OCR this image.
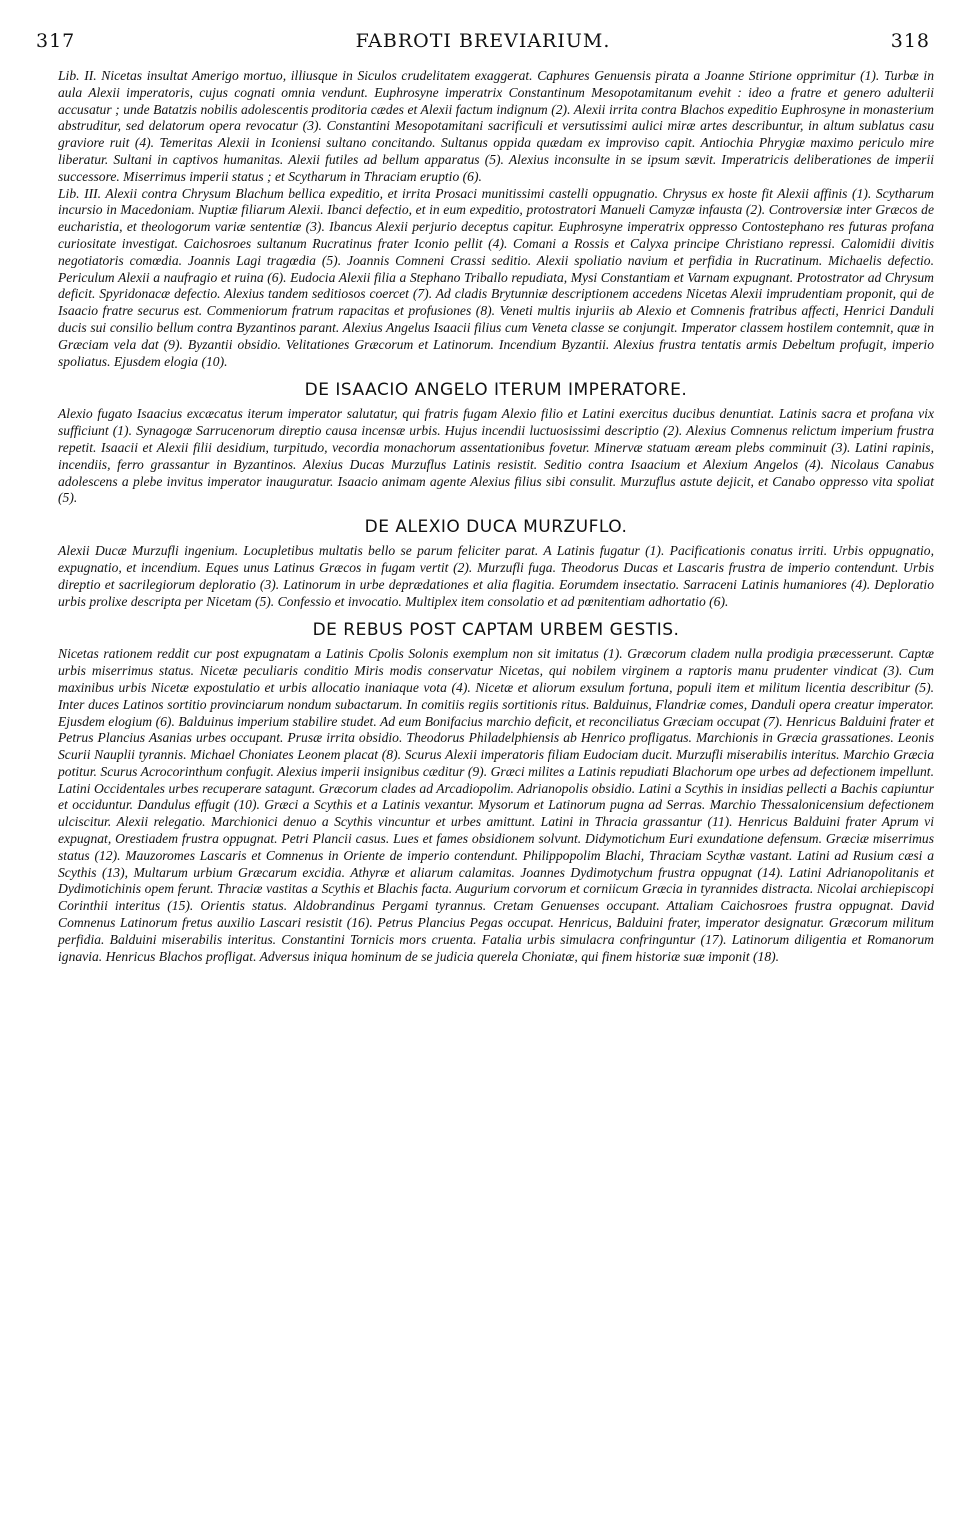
317	FABROTI BREVIARIUM.	318

Lib. II. Nicetas insultat Amerigo mortuo, illiusque in Siculos crudelitatem exaggerat. Caphures Genuensis pirata a Joanne Stirione opprimitur (1). Turbæ in aula Alexii imperatoris, cujus cognati omnia vendunt. Euphrosyne imperatrix Constantinum Mesopotamitanum evehit : ideo a fratre et genero adulterii accusatur ; unde Batatzis nobilis adolescentis proditoria cædes et Alexii factum indignum (2). Alexii irrita contra Blachos expeditio Euphrosyne in monasterium abstruditur, sed delatorum opera revocatur (3). Constantini Mesopotamitani sacrificuli et versutissimi aulici miræ artes describuntur, in altum sublatus casu graviore ruit (4). Temeritas Alexii in Iconiensi sultano concitando. Sultanus oppida quædam ex improviso capit. Antiochia Phrygiæ maximo periculo mire liberatur. Sultani in captivos humanitas. Alexii futiles ad bellum apparatus (5). Alexius inconsulte in se ipsum sævit. Imperatricis deliberationes de imperii successore. Miserrimus imperii status ; et Scytharum in Thraciam eruptio (6).

Lib. III. Alexii contra Chrysum Blachum bellica expeditio, et irrita Prosaci munitissimi castelli oppugnatio. Chrysus ex hoste fit Alexii affinis (1). Scytharum incursio in Macedoniam. Nuptiæ filiarum Alexii. Ibanci defectio, et in eum expeditio, protostratori Manueli Camyzæ infausta (2). Controversiæ inter Græcos de eucharistia, et theologorum variæ sententiæ (3). Ibancus Alexii perjurio deceptus capitur. Euphrosyne imperatrix oppresso Contostephano res futuras profana curiositate investigat. Caichosroes sultanum Rucratinus frater Iconio pellit (4). Comani a Rossis et Calyxa principe Christiano repressi. Calomidii divitis negotiatoris comœdia. Joannis Lagi tragœdia (5). Joannis Comneni Crassi seditio. Alexii spoliatio navium et perfidia in Rucratinum. Michaelis defectio. Periculum Alexii a naufragio et ruina (6). Eudocia Alexii filia a Stephano Triballo repudiata, Mysi Constantiam et Varnam expugnant. Protostrator ad Chrysum deficit. Spyridonacæ defectio. Alexius tandem seditiosos coercet (7). Ad cladis Brytunniæ descriptionem accedens Nicetas Alexii imprudentiam proponit, qui de Isaacio fratre securus est. Commeniorum fratrum rapacitas et profusiones (8). Veneti multis injuriis ab Alexio et Comnenis fratribus affecti, Henrici Danduli ducis sui consilio bellum contra Byzantinos parant. Alexius Angelus Isaacii filius cum Veneta classe se conjungit. Imperator classem hostilem contemnit, quæ in Græciam vela dat (9). Byzantii obsidio. Velitationes Græcorum et Latinorum. Incendium Byzantii. Alexius frustra tentatis armis Debeltum profugit, imperio spoliatus. Ejusdem elogia (10).

DE ISAACIO ANGELO ITERUM IMPERATORE.

Alexio fugato Isaacius excæcatus iterum imperator salutatur, qui fratris fugam Alexio filio et Latini exercitus ducibus denuntiat. Latinis sacra et profana vix sufficiunt (1). Synagogæ Sarrucenorum direptio causa incensæ urbis. Hujus incendii luctuosissimi descriptio (2). Alexius Comnenus relictum imperium frustra repetit. Isaacii et Alexii filii desidium, turpitudo, vecordia monachorum assentationibus fovetur. Minervæ statuam æream plebs comminuit (3). Latini rapinis, incendiis, ferro grassantur in Byzantinos. Alexius Ducas Murzuflus Latinis resistit. Seditio contra Isaacium et Alexium Angelos (4). Nicolaus Canabus adolescens a plebe invitus imperator inauguratur. Isaacio animam agente Alexius filius sibi consulit. Murzuflus astute dejicit, et Canabo oppresso vita spoliat (5).

DE ALEXIO DUCA MURZUFLO.

Alexii Ducæ Murzufli ingenium. Locupletibus multatis bello se parum feliciter parat. A Latinis fugatur (1). Pacificationis conatus irriti. Urbis oppugnatio, expugnatio, et incendium. Eques unus Latinus Græcos in fugam vertit (2). Murzufli fuga. Theodorus Ducas et Lascaris frustra de imperio contendunt. Urbis direptio et sacrilegiorum deploratio (3). Latinorum in urbe deprædationes et alia flagitia. Eorumdem insectatio. Sarraceni Latinis humaniores (4). Deploratio urbis prolixe descripta per Nicetam (5). Confessio et invocatio. Multiplex item consolatio et ad pœnitentiam adhortatio (6).

DE REBUS POST CAPTAM URBEM GESTIS.

Nicetas rationem reddit cur post expugnatam a Latinis Cpolis Solonis exemplum non sit imitatus (1). Græcorum cladem nulla prodigia præcesserunt. Captæ urbis miserrimus status. Nicetæ peculiaris conditio Miris modis conservatur Nicetas, qui nobilem virginem a raptoris manu prudenter vindicat (3). Cum maxinibus urbis Nicetæ expostulatio et urbis allocatio inaniaque vota (4). Nicetæ et aliorum exsulum fortuna, populi item et militum licentia describitur (5). Inter duces Latinos sortitio provinciarum nondum subactarum. In comitiis regiis sortitionis ritus. Balduinus, Flandriæ comes, Danduli opera creatur imperator. Ejusdem elogium (6). Balduinus imperium stabilire studet. Ad eum Bonifacius marchio deficit, et reconciliatus Græciam occupat (7). Henricus Balduini frater et Petrus Plancius Asanias urbes occupant. Prusæ irrita obsidio. Theodorus Philadelphiensis ab Henrico profligatus. Marchionis in Græcia grassationes. Leonis Scurii Nauplii tyrannis. Michael Choniates Leonem placat (8). Scurus Alexii imperatoris filiam Eudociam ducit. Murzufli miserabilis interitus. Marchio Græcia potitur. Scurus Acrocorinthum confugit. Alexius imperii insignibus cæditur (9). Græci milites a Latinis repudiati Blachorum ope urbes ad defectionem impellunt. Latini Occidentales urbes recuperare satagunt. Græcorum clades ad Arcadiopolim. Adrianopolis obsidio. Latini a Scythis in insidias pellecti a Bachis capiuntur et occiduntur. Dandulus effugit (10). Græci a Scythis et a Latinis vexantur. Mysorum et Latinorum pugna ad Serras. Marchio Thessalonicensium defectionem ulciscitur. Alexii relegatio. Marchionici denuo a Scythis vincuntur et urbes amittunt. Latini in Thracia grassantur (11). Henricus Balduini frater Aprum vi expugnat, Orestiadem frustra oppugnat. Petri Plancii casus. Lues et fames obsidionem solvunt. Didymotichum Euri exundatione defensum. Græciæ miserrimus status (12). Mauzoromes Lascaris et Comnenus in Oriente de imperio contendunt. Philippopolim Blachi, Thraciam Scythæ vastant. Latini ad Rusium cæsi a Scythis (13), Multarum urbium Græcarum excidia. Athyræ et aliarum calamitas. Joannes Dydimotychum frustra oppugnat (14). Latini Adrianopolitanis et Dydimotichinis opem ferunt. Thraciæ vastitas a Scythis et Blachis facta. Augurium corvorum et corniicum Græcia in tyrannides distracta. Nicolai archiepiscopi Corinthii interitus (15). Orientis status. Aldobrandinus Pergami tyrannus. Cretam Genuenses occupant. Attaliam Caichosroes frustra oppugnat. David Comnenus Latinorum fretus auxilio Lascari resistit (16). Petrus Plancius Pegas occupat. Henricus, Balduini frater, imperator designatur. Græcorum militum perfidia. Balduini miserabilis interitus. Constantini Tornicis mors cruenta. Fatalia urbis simulacra confringuntur (17). Latinorum diligentia et Romanorum ignavia. Henricus Blachos profligat. Adversus iniqua hominum de se judicia querela Choniatæ, qui finem historiæ suæ imponit (18).
